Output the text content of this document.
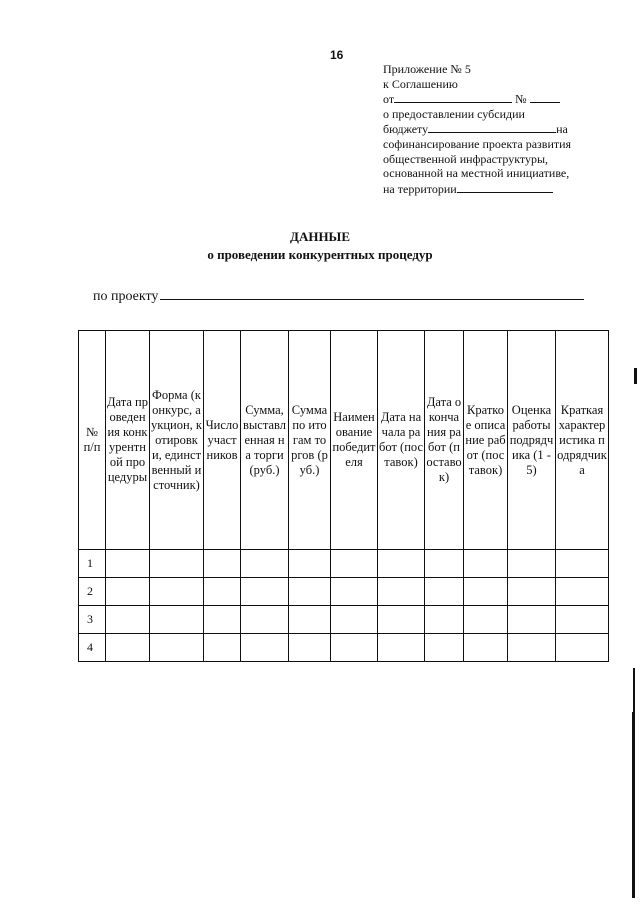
16
Приложение № 5
к Соглашению
от	№
о предоставлении субсидии
бюджету	на
софинансирование проекта развития
общественной инфраструктуры,
основанной на местной инициативе,
на территории
ДАННЫЕ
о проведении конкурентных процедур
по проекту
№ п/п	Дата проведения конкурентной процедуры	Форма (конкурс, аукцион, котировки, единственный источник)	Число участников	Сумма, выставленная на торги (руб.)	Сумма по итогам торгов (руб.)	Наименование победителя	Дата начала работ (поставок)	Дата окончания работ (поставок)	Краткое описание работ (поставок)	Оценка работы подрядчика (1 - 5)	Краткая характеристика подрядчика
1											
2											
3											
4											
